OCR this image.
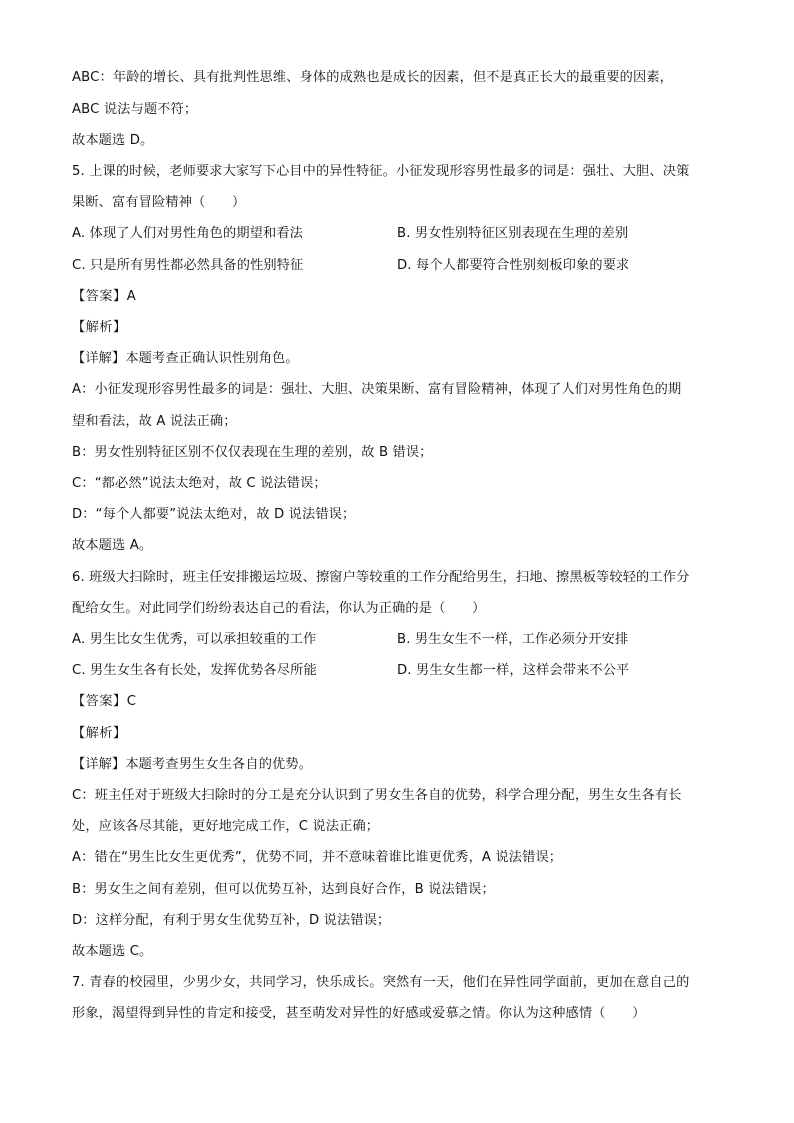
ABC：年龄的增长、具有批判性思维、身体的成熟也是成长的因素，但不是真正长大的最重要的因素，
ABC 说法与题不符；
故本题选 D。
5. 上课的时候，老师要求大家写下心目中的异性特征。小征发现形容男性最多的词是：强壮、大胆、决策
果断、富有冒险精神（　　）
A. 体现了人们对男性角色的期望和看法	B. 男女性别特征区别表现在生理的差别
C. 只是所有男性都必然具备的性别特征	D. 每个人都要符合性别刻板印象的要求
【答案】A
【解析】
【详解】本题考查正确认识性别角色。
A：小征发现形容男性最多的词是：强壮、大胆、决策果断、富有冒险精神，体现了人们对男性角色的期
望和看法，故 A 说法正确；
B：男女性别特征区别不仅仅表现在生理的差别，故 B 错误；
C：“都必然”说法太绝对，故 C 说法错误；
D：“每个人都要”说法太绝对，故 D 说法错误；
故本题选 A。
6. 班级大扫除时，班主任安排搬运垃圾、擦窗户等较重的工作分配给男生，扫地、擦黑板等较轻的工作分
配给女生。对此同学们纷纷表达自己的看法，你认为正确的是（　　）
A. 男生比女生优秀，可以承担较重的工作	B. 男生女生不一样，工作必须分开安排
C. 男生女生各有长处，发挥优势各尽所能	D. 男生女生都一样，这样会带来不公平
【答案】C
【解析】
【详解】本题考查男生女生各自的优势。
C：班主任对于班级大扫除时的分工是充分认识到了男女生各自的优势，科学合理分配，男生女生各有长
处，应该各尽其能，更好地完成工作，C 说法正确；
A：错在“男生比女生更优秀”，优势不同，并不意味着谁比谁更优秀，A 说法错误；
B：男女生之间有差别，但可以优势互补，达到良好合作，B 说法错误；
D：这样分配，有利于男女生优势互补，D 说法错误；
故本题选 C。
7. 青春的校园里，少男少女，共同学习，快乐成长。突然有一天，他们在异性同学面前，更加在意自己的
形象，渴望得到异性的肯定和接受，甚至萌发对异性的好感或爱慕之情。你认为这种感情（　　）
